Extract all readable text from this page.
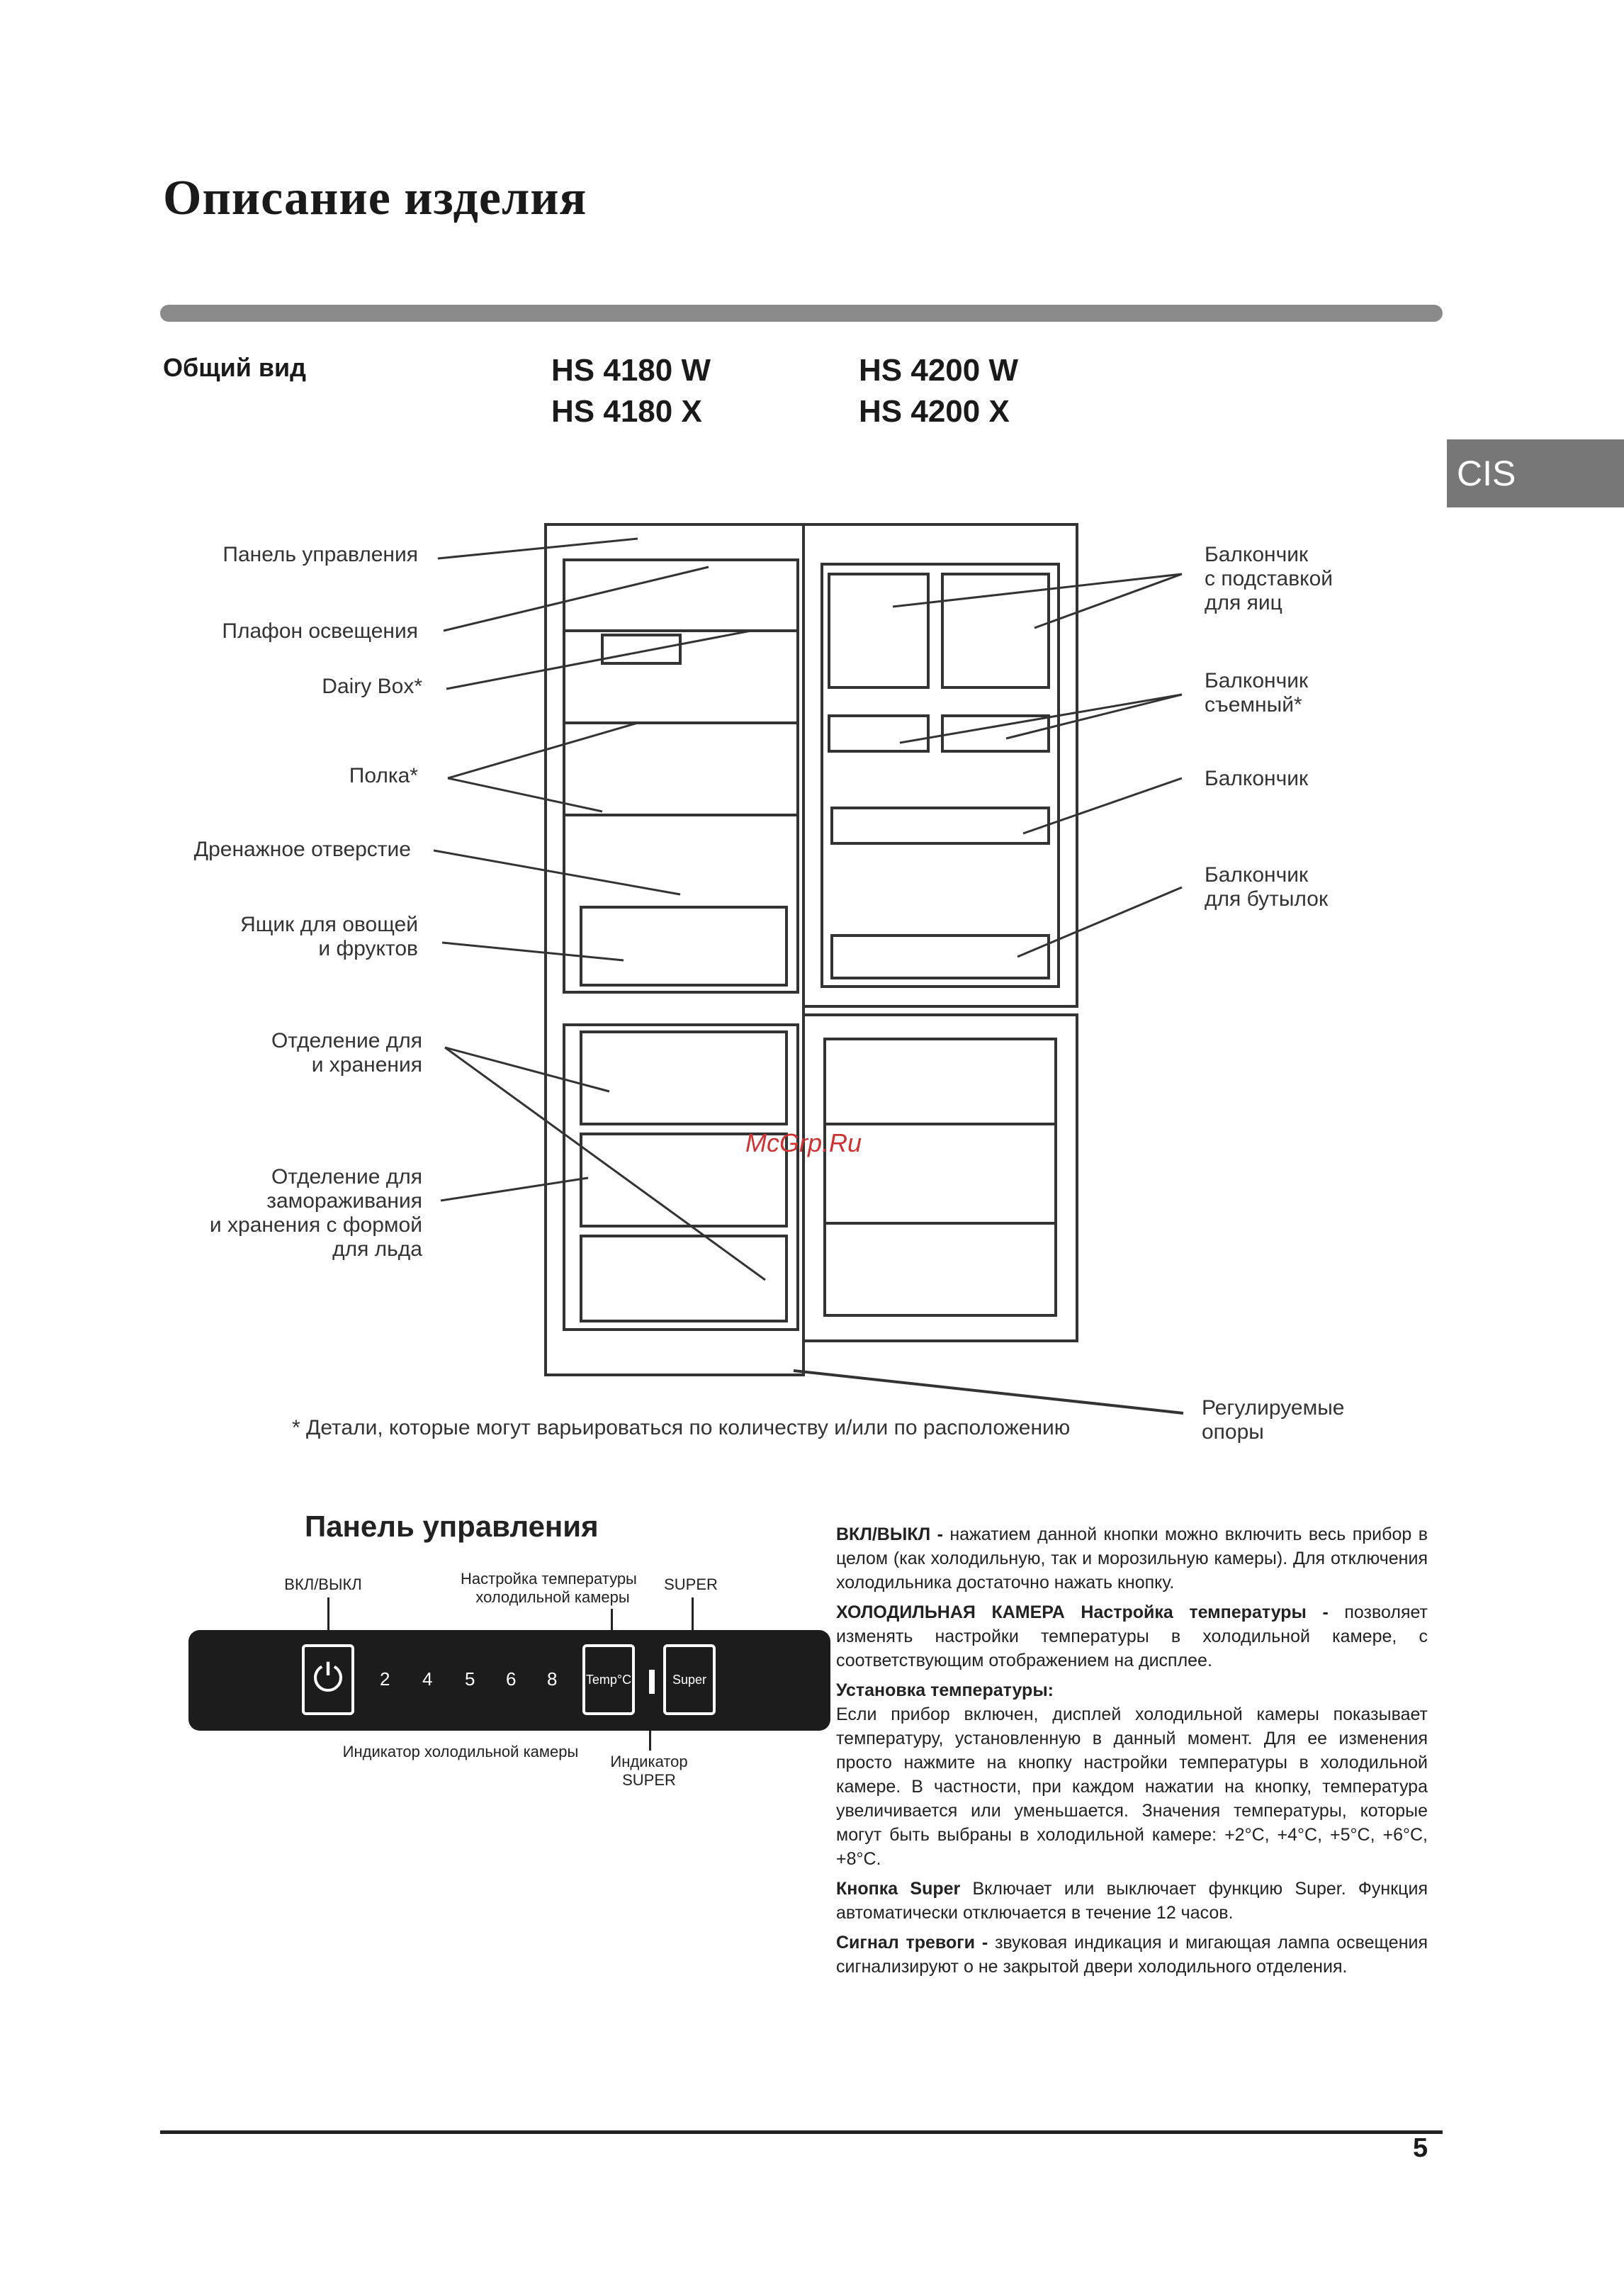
Описание изделия
Общий вид	HS 4180 W
HS 4180 X
HS 4200 W
HS 4200 X
CIS
Панель управления
Плафон освещения
Dairy Box*
Полка*
Дренажное отверстие
Ящик для овощей
и фруктов
Отделение для
и хранения
Отделение для
замораживания
и хранения с формой
для льда
Балкончик
с подставкой
для яиц
Балкончик
съемный*
Балкончик
Балкончик
для бутылок
Регулируемые
опоры
McGrp.Ru
* Детали, которые могут варьироваться по количеству и/или по расположению
Панель управления
ВКЛ/ВЫКЛ	Настройка температуры
холодильной камеры
SUPER
⏻	2 4 5 6 8 Temp°C	Super
Индикатор холодильной камеры
Индикатор
SUPER

ВКЛ/ВЫКЛ - нажатием данной кнопки можно включить весь прибор в целом (как холодильную, так и морозильную камеры). Для отключения холодильника достаточно нажать кнопку.

ХОЛОДИЛЬНАЯ КАМЕРА Настройка температуры - позволяет изменять настройки температуры в холодильной камере, с соответствующим отображением на дисплее.

Установка температуры:
Если прибор включен, дисплей холодильной камеры показывает температуру, установленную в данный момент. Для ее изменения просто нажмите на кнопку настройки температуры в холодильной камере. В частности, при каждом нажатии на кнопку, температура увеличивается или уменьшается. Значения температуры, которые могут быть выбраны в холодильной камере: +2°C, +4°C, +5°C, +6°C, +8°C.

Кнопка Super Включает или выключает функцию Super. Функция автоматически отключается в течение 12 часов.

Сигнал тревоги - звуковая индикация и мигающая лампа освещения сигнализируют о не закрытой двери холодильного отделения.

5
